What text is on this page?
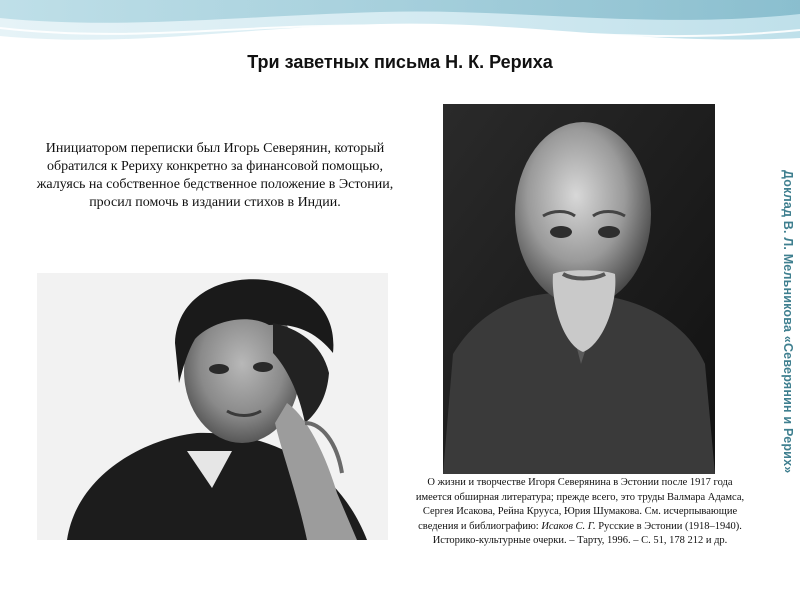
Три заветных письма Н. К. Рериха
Инициатором переписки был Игорь Северянин, который обратился к Рериху конкретно за финансовой помощью, жалуясь на собственное бедственное положение в Эстонии, просил помочь в издании стихов в Индии.
О жизни и творчестве Игоря Северянина в Эстонии после 1917 года имеется обширная литература; прежде всего, это труды Валмара Адамса, Сергея Исакова, Рейна Крууса, Юрия Шумакова. См. исчерпывающие сведения и библиографию: Исаков С. Г. Русские в Эстонии (1918–1940). Историко-культурные очерки. – Тарту, 1996. – С. 51, 178 212 и др.
Доклад В. Л. Мельникова «Северянин и Рерих»
